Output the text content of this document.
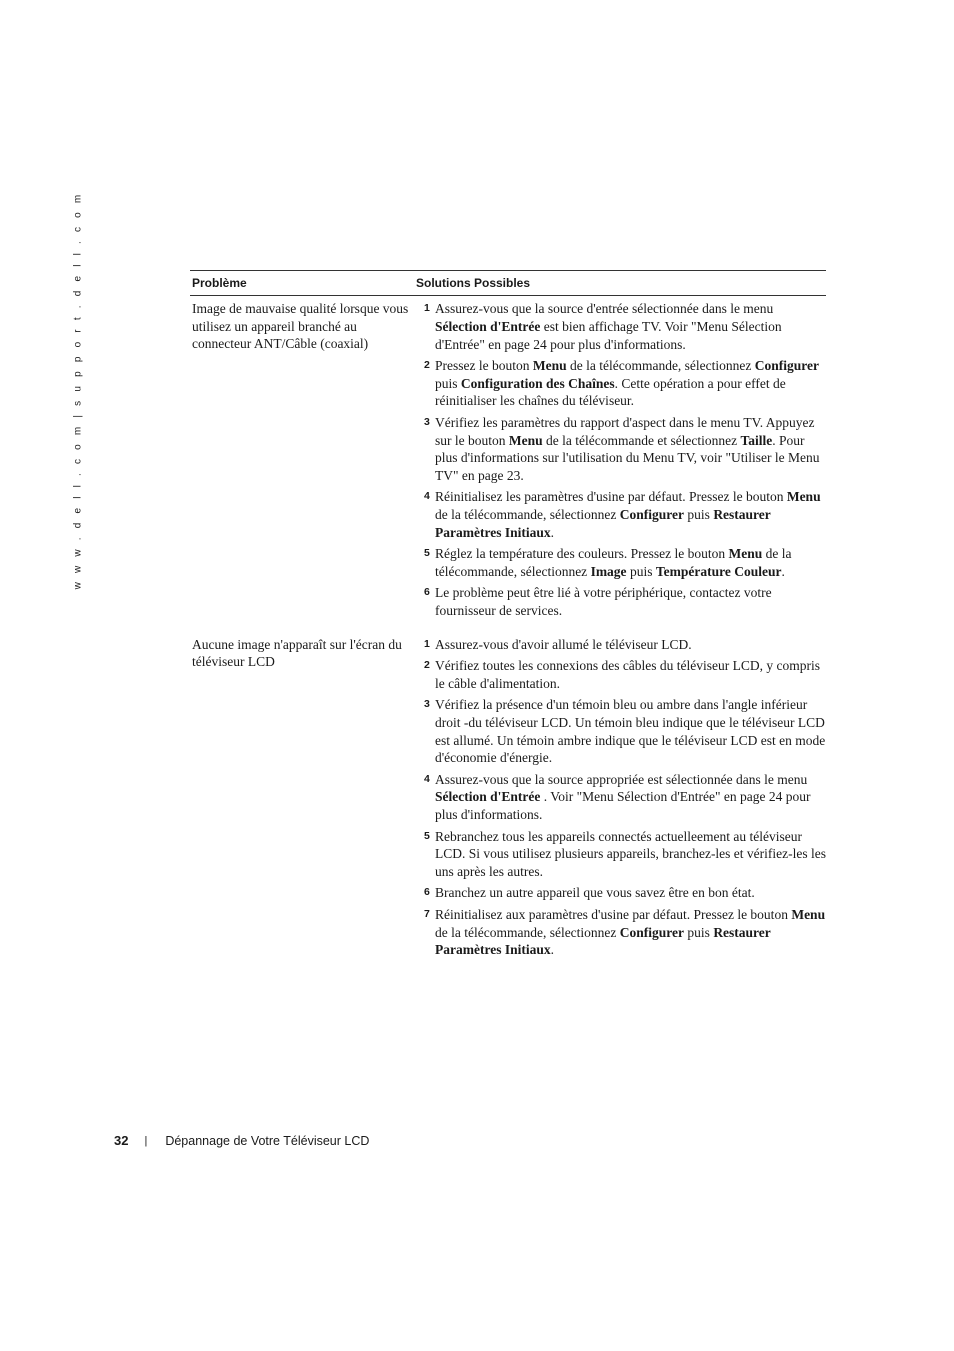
w w w . d e l l . c o m | s u p p o r t . d e l l . c o m	Problème	Solutions Possibles
Image de mauvaise qualité lorsque vous utilisez un appareil branché au connecteur ANT/Câble (coaxial)
1 Assurez-vous que la source d'entrée sélectionnée dans le menu Sélection d'Entrée est bien affichage TV. Voir "Menu Sélection d'Entrée" en page 24 pour plus d'informations.
2 Pressez le bouton Menu de la télécommande, sélectionnez Configurer puis Configuration des Chaînes. Cette opération a pour effet de réinitialiser les chaînes du téléviseur.
3 Vérifiez les paramètres du rapport d'aspect dans le menu TV. Appuyez sur le bouton Menu de la télécommande et sélectionnez Taille. Pour plus d'informations sur l'utilisation du Menu TV, voir "Utiliser le Menu TV" en page 23.
4 Réinitialisez les paramètres d'usine par défaut. Pressez le bouton Menu de la télécommande, sélectionnez Configurer puis Restaurer Paramètres Initiaux.
5 Réglez la température des couleurs. Pressez le bouton Menu de la télécommande, sélectionnez Image puis Température Couleur.
6 Le problème peut être lié à votre périphérique, contactez votre fournisseur de services.
Aucune image n'apparaît sur l'écran du téléviseur LCD
1 Assurez-vous d'avoir allumé le téléviseur LCD.
2 Vérifiez toutes les connexions des câbles du téléviseur LCD, y compris le câble d'alimentation.
3 Vérifiez la présence d'un témoin bleu ou ambre dans l'angle inférieur droit -du téléviseur LCD. Un témoin bleu indique que le téléviseur LCD est allumé. Un témoin ambre indique que le téléviseur LCD est en mode d'économie d'énergie.
4 Assurez-vous que la source appropriée est sélectionnée dans le menu Sélection d'Entrée . Voir "Menu Sélection d'Entrée" en page 24 pour plus d'informations.
5 Rebranchez tous les appareils connectés actuelleement au téléviseur LCD. Si vous utilisez plusieurs appareils, branchez-les et vérifiez-les les uns après les autres.
6 Branchez un autre appareil que vous savez être en bon état.
7 Réinitialisez aux paramètres d'usine par défaut. Pressez le bouton Menu de la télécommande, sélectionnez Configurer puis Restaurer Paramètres Initiaux.
32 | Dépannage de Votre Téléviseur LCD
